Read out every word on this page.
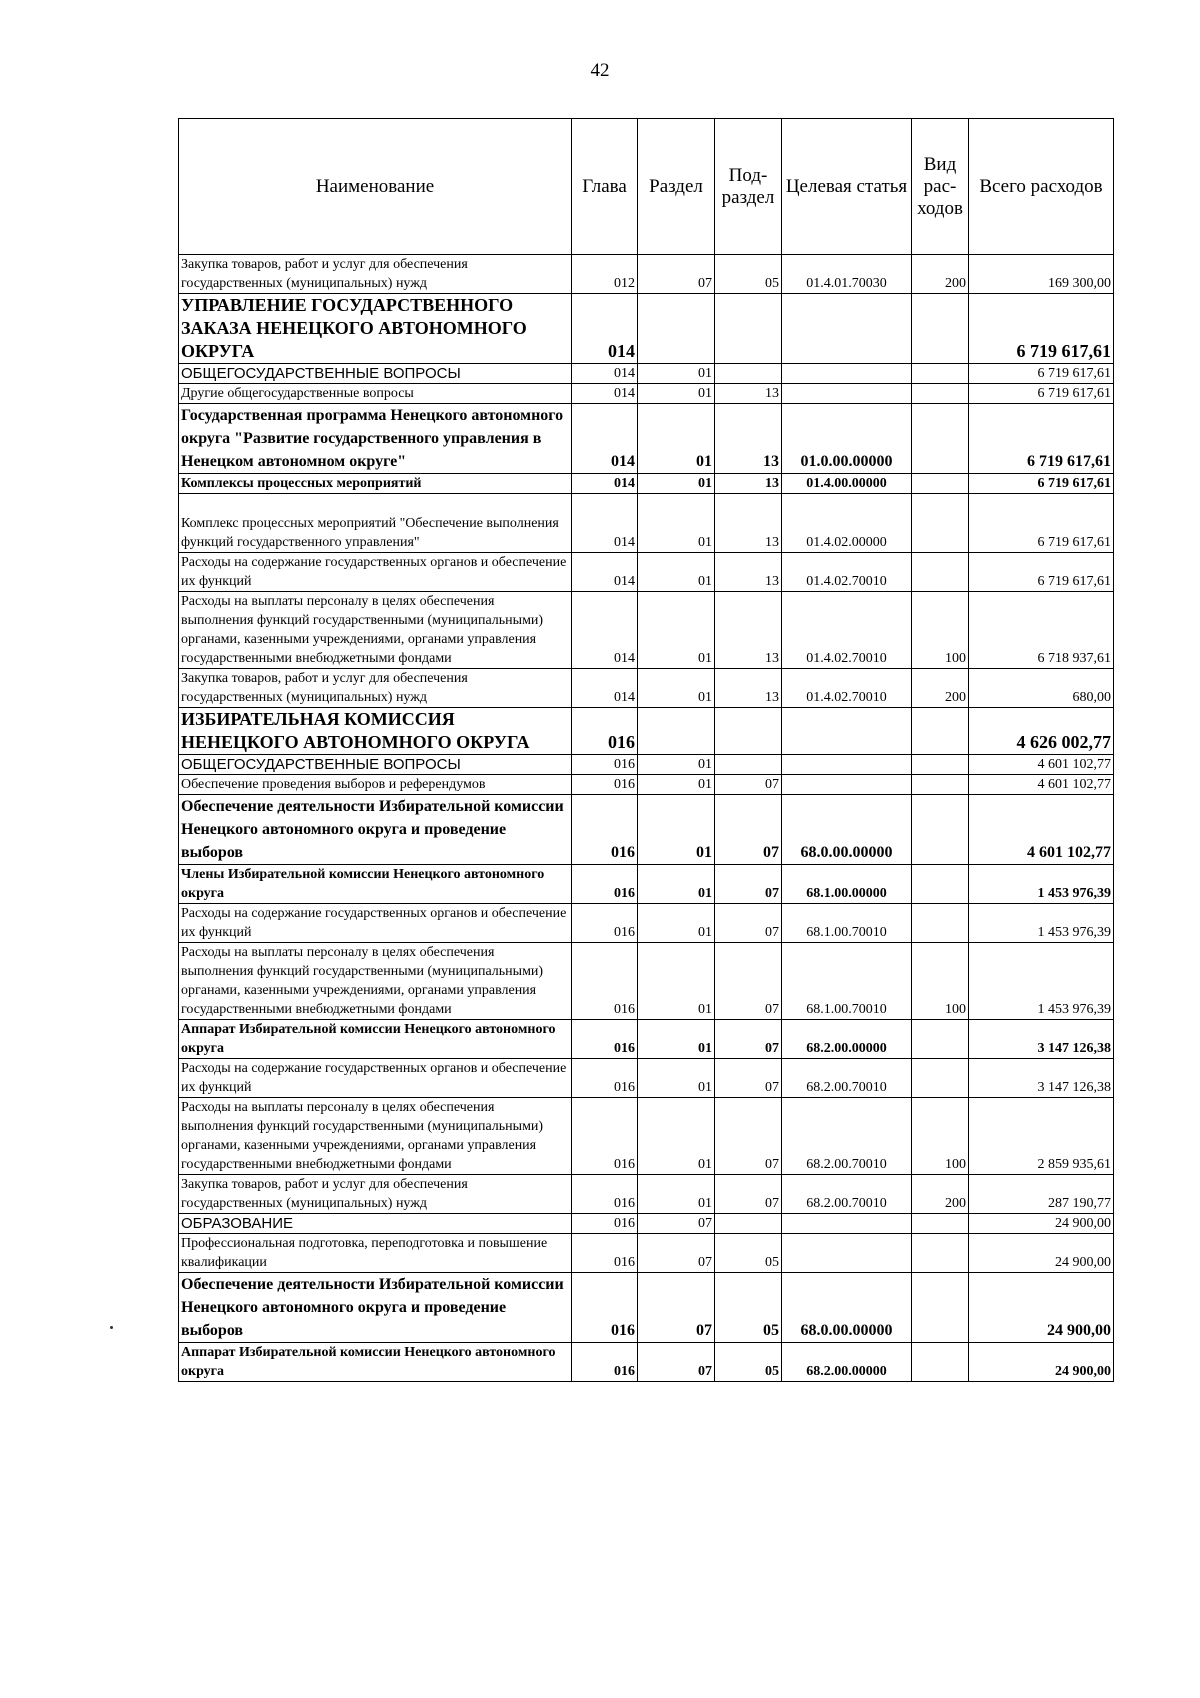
42
Наименование	Глава	Раздел	Под-раздел	Целевая статья	Вид рас-ходов	Всего расходов
Закупка товаров, работ и услуг для обеспечения государственных (муниципальных) нужд	012	07	05	01.4.01.70030	200	169 300,00
УПРАВЛЕНИЕ ГОСУДАРСТВЕННОГО ЗАКАЗА НЕНЕЦКОГО АВТОНОМНОГО ОКРУГА	014					6 719 617,61
ОБЩЕГОСУДАРСТВЕННЫЕ ВОПРОСЫ	014	01				6 719 617,61
Другие общегосударственные вопросы	014	01	13			6 719 617,61
Государственная программа Ненецкого автономного округа "Развитие государственного управления в Ненецком автономном округе"	014	01	13	01.0.00.00000		6 719 617,61
Комплексы процессных мероприятий	014	01	13	01.4.00.00000		6 719 617,61
Комплекс процессных мероприятий "Обеспечение выполнения функций государственного управления"	014	01	13	01.4.02.00000		6 719 617,61
Расходы на содержание государственных органов и обеспечение их функций	014	01	13	01.4.02.70010		6 719 617,61
Расходы на выплаты персоналу в целях обеспечения выполнения функций государственными (муниципальными) органами, казенными учреждениями, органами управления государственными внебюджетными фондами	014	01	13	01.4.02.70010	100	6 718 937,61
Закупка товаров, работ и услуг для обеспечения государственных (муниципальных) нужд	014	01	13	01.4.02.70010	200	680,00
ИЗБИРАТЕЛЬНАЯ КОМИССИЯ НЕНЕЦКОГО АВТОНОМНОГО ОКРУГА	016					4 626 002,77
ОБЩЕГОСУДАРСТВЕННЫЕ ВОПРОСЫ	016	01				4 601 102,77
Обеспечение проведения выборов и референдумов	016	01	07			4 601 102,77
Обеспечение деятельности Избирательной комиссии Ненецкого автономного округа и проведение выборов	016	01	07	68.0.00.00000		4 601 102,77
Члены Избирательной комиссии Ненецкого автономного округа	016	01	07	68.1.00.00000		1 453 976,39
Расходы на содержание государственных органов и обеспечение их функций	016	01	07	68.1.00.70010		1 453 976,39
Расходы на выплаты персоналу в целях обеспечения выполнения функций государственными (муниципальными) органами, казенными учреждениями, органами управления государственными внебюджетными фондами	016	01	07	68.1.00.70010	100	1 453 976,39
Аппарат Избирательной комиссии Ненецкого автономного округа	016	01	07	68.2.00.00000		3 147 126,38
Расходы на содержание государственных органов и обеспечение их функций	016	01	07	68.2.00.70010		3 147 126,38
Расходы на выплаты персоналу в целях обеспечения выполнения функций государственными (муниципальными) органами, казенными учреждениями, органами управления государственными внебюджетными фондами	016	01	07	68.2.00.70010	100	2 859 935,61
Закупка товаров, работ и услуг для обеспечения государственных (муниципальных) нужд	016	01	07	68.2.00.70010	200	287 190,77
ОБРАЗОВАНИЕ	016	07				24 900,00
Профессиональная подготовка, переподготовка и повышение квалификации	016	07	05			24 900,00
Обеспечение деятельности Избирательной комиссии Ненецкого автономного округа и проведение выборов	016	07	05	68.0.00.00000		24 900,00
Аппарат Избирательной комиссии Ненецкого автономного округа	016	07	05	68.2.00.00000		24 900,00
